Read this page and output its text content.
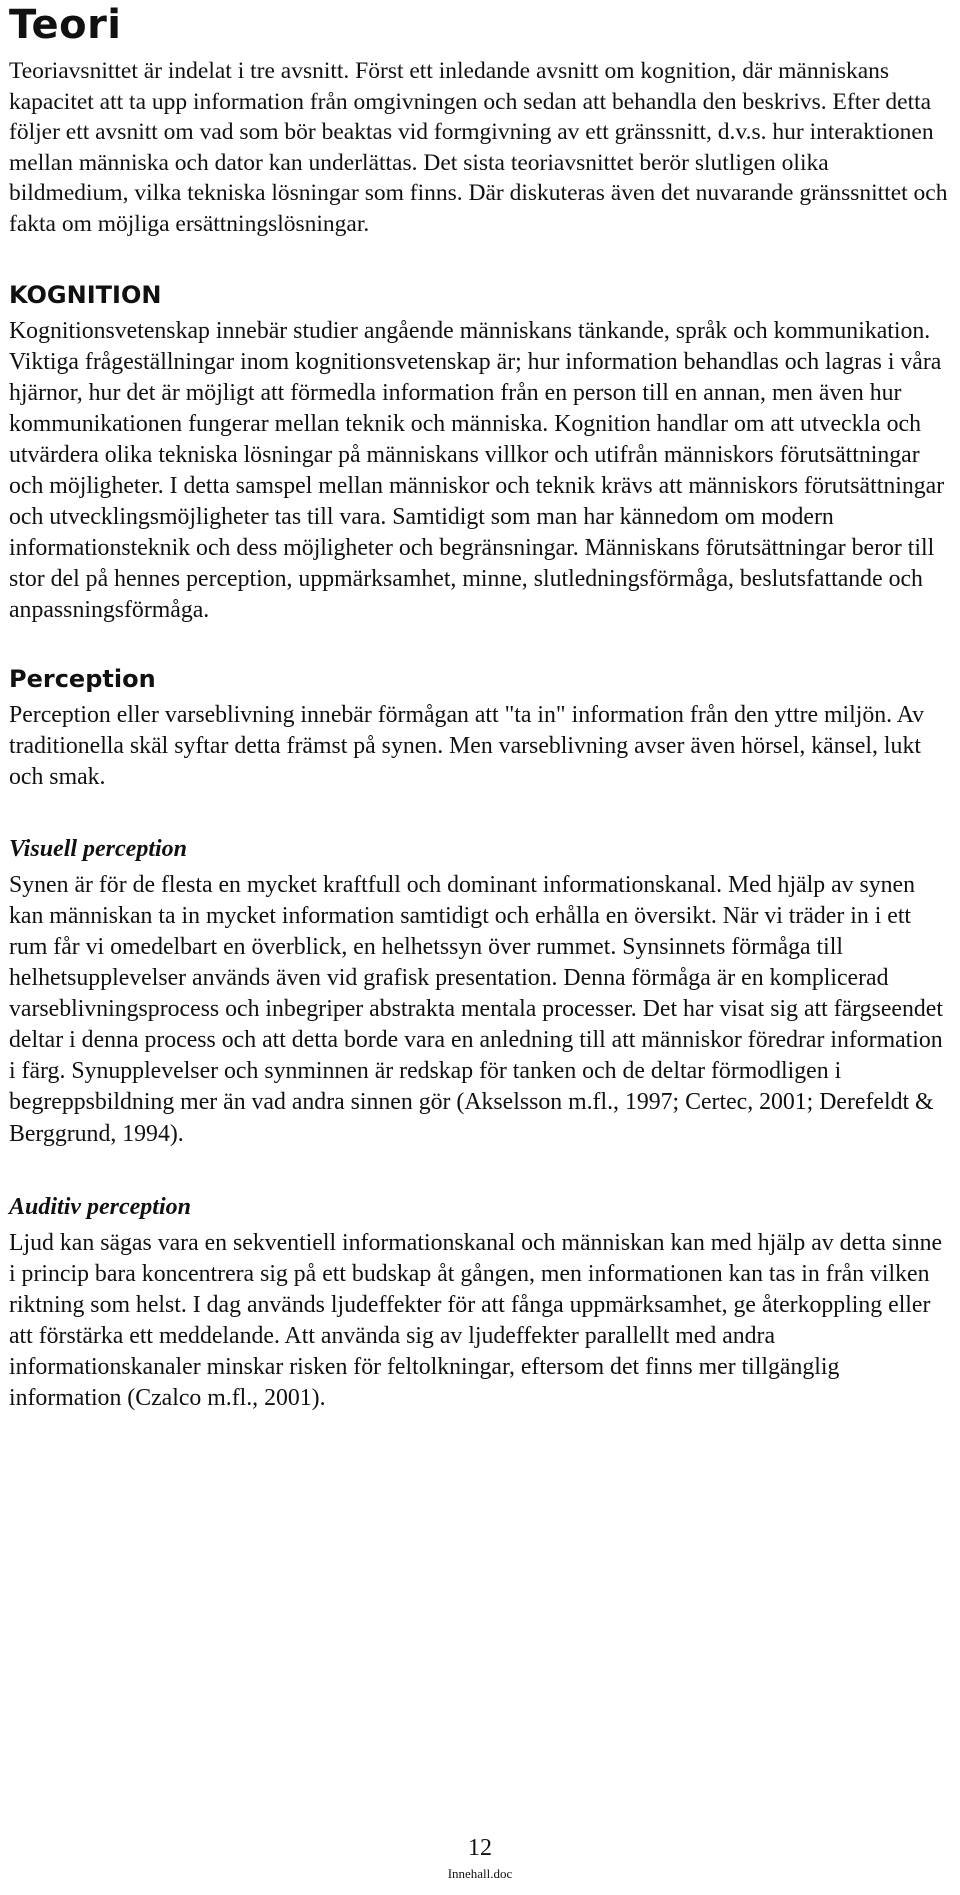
Teori

Teoriavsnittet är indelat i tre avsnitt. Först ett inledande avsnitt om kognition, där människans kapacitet att ta upp information från omgivningen och sedan att behandla den beskrivs. Efter detta följer ett avsnitt om vad som bör beaktas vid formgivning av ett gränssnitt, d.v.s. hur interaktionen mellan människa och dator kan underlättas. Det sista teoriavsnittet berör slutligen olika bildmedium, vilka tekniska lösningar som finns. Där diskuteras även det nuvarande gränssnittet och fakta om möjliga ersättningslösningar.

KOGNITION

Kognitionsvetenskap innebär studier angående människans tänkande, språk och kommunikation. Viktiga frågeställningar inom kognitionsvetenskap är; hur information behandlas och lagras i våra hjärnor, hur det är möjligt att förmedla information från en person till en annan, men även hur kommunikationen fungerar mellan teknik och människa. Kognition handlar om att utveckla och utvärdera olika tekniska lösningar på människans villkor och utifrån människors förutsättningar och möjligheter. I detta samspel mellan människor och teknik krävs att människors förutsättningar och utvecklingsmöjligheter tas till vara. Samtidigt som man har kännedom om modern informationsteknik och dess möjligheter och begränsningar. Människans förutsättningar beror till stor del på hennes perception, uppmärksamhet, minne, slutledningsförmåga, beslutsfattande och anpassningsförmåga.

Perception

Perception eller varseblivning innebär förmågan att "ta in" information från den yttre miljön. Av traditionella skäl syftar detta främst på synen. Men varseblivning avser även hörsel, känsel, lukt och smak.

Visuell perception

Synen är för de flesta en mycket kraftfull och dominant informationskanal. Med hjälp av synen kan människan ta in mycket information samtidigt och erhålla en översikt. När vi träder in i ett rum får vi omedelbart en överblick, en helhetssyn över rummet. Synsinnets förmåga till helhetsupplevelser används även vid grafisk presentation. Denna förmåga är en komplicerad varseblivningsprocess och inbegriper abstrakta mentala processer. Det har visat sig att färgseendet deltar i denna process och att detta borde vara en anledning till att människor föredrar information i färg. Synupplevelser och synminnen är redskap för tanken och de deltar förmodligen i begreppsbildning mer än vad andra sinnen gör (Akselsson m.fl., 1997; Certec, 2001; Derefeldt & Berggrund, 1994).

Auditiv perception

Ljud kan sägas vara en sekventiell informationskanal och människan kan med hjälp av detta sinne i princip bara koncentrera sig på ett budskap åt gången, men informationen kan tas in från vilken riktning som helst. I dag används ljudeffekter för att fånga uppmärksamhet, ge återkoppling eller att förstärka ett meddelande. Att använda sig av ljudeffekter parallellt med andra informationskanaler minskar risken för feltolkningar, eftersom det finns mer tillgänglig information (Czalco m.fl., 2001).

12
Innehall.doc
